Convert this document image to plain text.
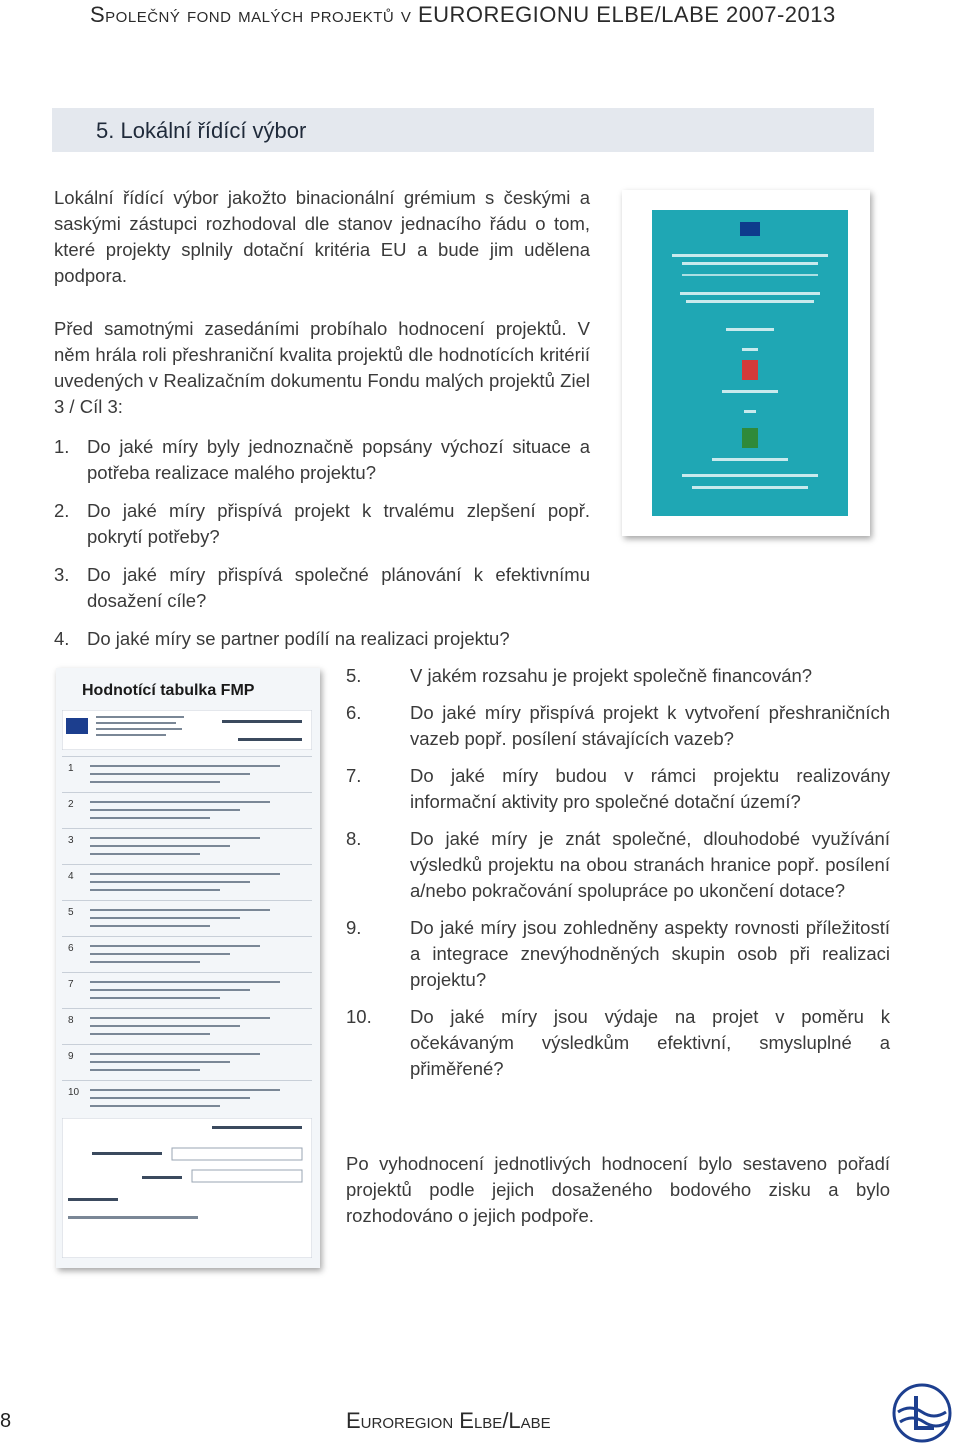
Společný fond malých projektů v EUROREGIONU ELBE/LABE 2007-2013
5. Lokální řídící výbor
Lokální řídící výbor jakožto binacionální grémium s českými a saskými zástupci rozhodoval dle stanov jednacího řádu o tom, které projekty splnily dotační kritéria EU a bude jim udělena podpora.
Před samotnými zasedáními probíhalo hodnocení projektů. V něm hrála roli přeshraniční kvalita projektů dle hodnotících kritérií uvedených v Realizačním dokumentu Fondu malých projektů Ziel 3 / Cíl 3:
1. Do jaké míry byly jednoznačně popsány výchozí situace a potřeba realizace malého projektu?
2. Do jaké míry přispívá projekt k trvalému zlepšení popř. pokrytí potřeby?
3. Do jaké míry přispívá společné plánování k efektivnímu dosažení cíle?
4. Do jaké míry se partner podílí na realizaci projektu?
Hodnotící tabulka FMP
1
2
3
4
5
6
7
8
9
10
5.	V jakém rozsahu je projekt společně financován?
6.	Do jaké míry přispívá projekt k vytvoření přeshraničních vazeb popř. posílení stávajících vazeb?
7.	Do jaké míry budou v rámci projektu realizovány informační aktivity pro společné dotační území?
8.	Do jaké míry je znát společné, dlouhodobé využívání výsledků projektu na obou stranách hranice popř. posílení a/nebo pokračování spolupráce po ukončení dotace?
9.	Do jaké míry jsou zohledněny aspekty rovnosti příležitostí a integrace znevýhodněných skupin osob při realizaci projektu?
10. Do jaké míry jsou výdaje na projet v poměru k očekávaným výsledkům efektivní, smysluplné a přiměřené?
Po vyhodnocení jednotlivých hodnocení bylo sestaveno pořadí projektů podle jejich dosaženého bodového zisku a bylo rozhodováno o jejich podpoře.
8	Euroregion Elbe/Labe
